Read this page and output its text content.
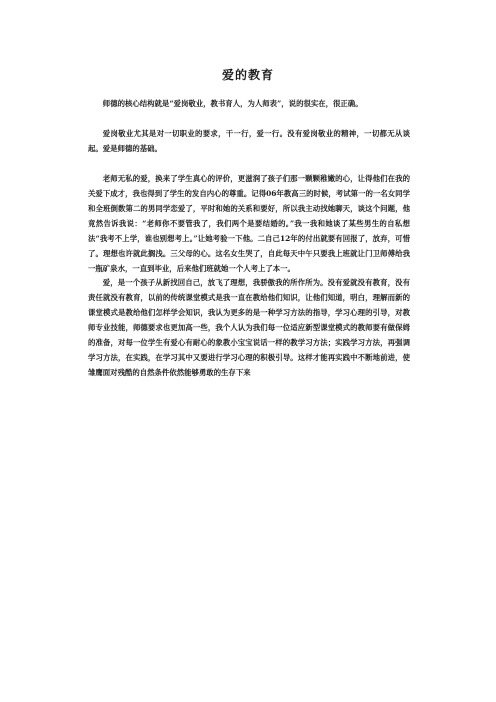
爱的教育

师德的核心结构就是“爱岗敬业，教书育人，为人师表”，说的很实在，很正确。

爱岗敬业尤其是对一切职业的要求，干一行，爱一行。没有爱岗敬业的精神，一切都无从谈起。爱是师德的基础。

老师无私的爱，换来了学生真心的评价，更滋润了孩子们那一颗颗稚嫩的心，让得他们在我的关爱下成才，我也得到了学生的发自内心的尊重。记得06年教高三的时候，考试第一的一名女同学和全班倒数第二的男同学恋爱了，平时和她的关系和要好，所以我主动找她聊天，谈这个问题，他竟然告诉我说：“老师你不要管我了，我们两个是要结婚的。”我一我和她谈了某些男生的自私想法“我考不上学，谁也别想考上。”让她考验一下他。二自己12年的付出就要有回报了，放弃，可惜了。理想也许就此搁浅。三父母的心。这名女生哭了，自此每天中午只要我上班就让门卫师傅给我一瓶矿泉水，一直到毕业，后来他们班就她一个人考上了本一。

爱，是一个孩子从新找回自己，放飞了理想，我骄傲我的所作所为。没有爱就没有教育，没有责任就没有教育，以前的传统课堂模式是我一直在教给他们知识，让他们知道，明白，理解而新的课堂模式是教给他们怎样学会知识，我认为更多的是一种学习方法的指导，学习心理的引导，对教师专业技能，师德要求也更加高一些，我个人认为我们每一位适应新型课堂模式的教师要有做保姆的准备，对每一位学生有爱心有耐心的象教小宝宝说话一样的教学习方法；实践学习方法，再强调学习方法，在实践，在学习其中又要进行学习心理的积极引导。这样才能再实践中不断地前进，使雏鹰面对残酷的自然条件依然能够勇敢的生存下来
